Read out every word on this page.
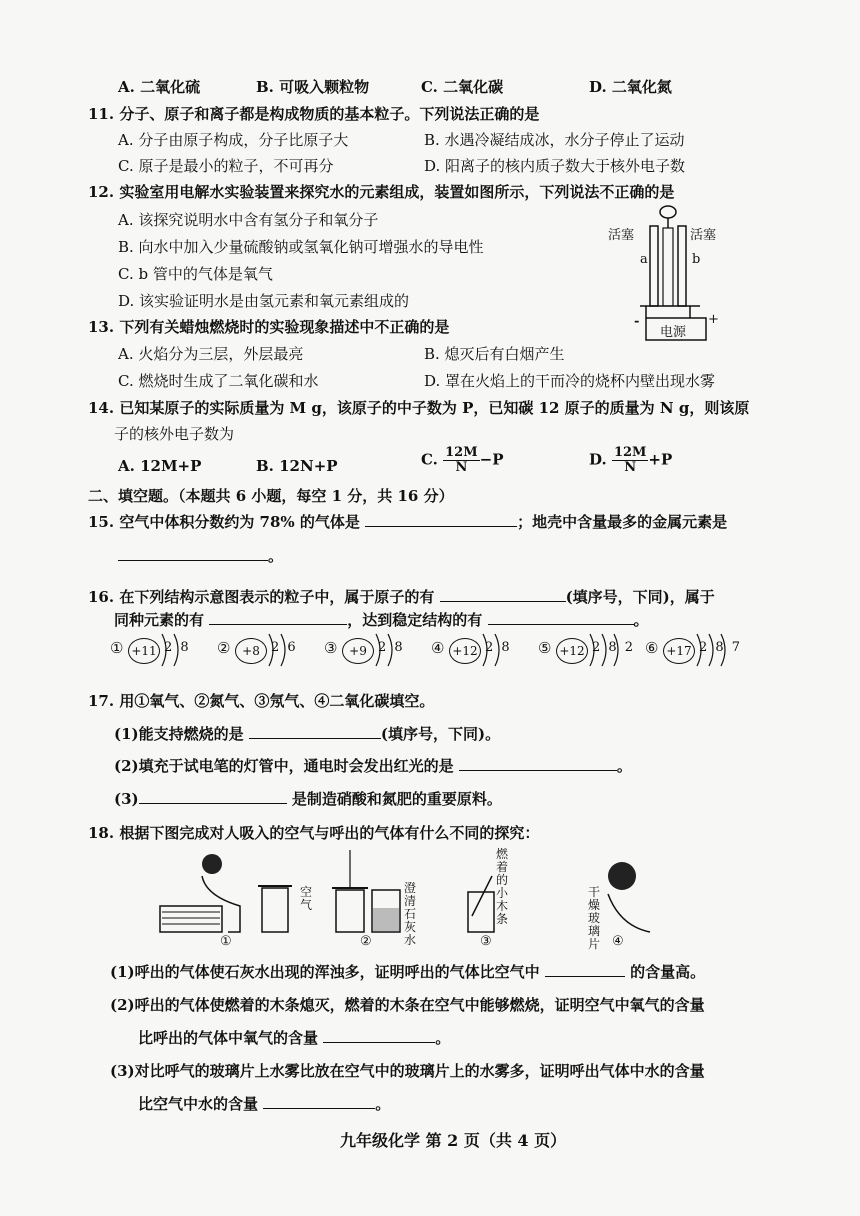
A. 二氧化硫	B. 可吸入颗粒物	C. 二氧化碳	D. 二氧化氮
11. 分子、原子和离子都是构成物质的基本粒子。下列说法正确的是
A. 分子由原子构成，分子比原子大	B. 水遇冷凝结成冰，水分子停止了运动
C. 原子是最小的粒子，不可再分	D. 阳离子的核内质子数大于核外电子数
12. 实验室用电解水实验装置来探究水的元素组成，装置如图所示，下列说法不正确的是
A. 该探究说明水中含有氢分子和氧分子
B. 向水中加入少量硫酸钠或氢氧化钠可增强水的导电性
C. b 管中的气体是氧气
D. 该实验证明水是由氢元素和氧元素组成的
活塞	活塞
a	b
-	+
电源
13. 下列有关蜡烛燃烧时的实验现象描述中不正确的是
A. 火焰分为三层，外层最亮	B. 熄灭后有白烟产生
C. 燃烧时生成了二氧化碳和水	D. 罩在火焰上的干而冷的烧杯内壁出现水雾
14. 已知某原子的实际质量为 M g，该原子的中子数为 P，已知碳 12 原子的质量为 N g，则该原
子的核外电子数为
A. 12M+P	B. 12N+P	C. $\frac{12M}{N} -P$	D. $\frac{12M}{N} +P$
二、填空题。（本题共 6 小题，每空 1 分，共 16 分）
15. 空气中体积分数约为 78% 的气体是	；地壳中含量最多的金属元素是
。
16. 在下列结构示意图表示的粒子中，属于原子的有	(填序号，下同)，属于
同种元素的有	，达到稳定结构的有	。
① +11 2 8 ② +8 2 6 ③ +9 2 8 ④ +12 2 8 ⑤ +12 2 8 2 ⑥ +17 2 8 7
17. 用①氧气、②氮气、③氖气、④二氧化碳填空。
(1)能支持燃烧的是	(填序号，下同)。
(2)填充于试电笔的灯管中，通电时会发出红光的是	。
(3)	是制造硝酸和氮肥的重要原料。
18. 根据下图完成对人吸入的空气与呼出的气体有什么不同的探究：
空气
澄清石灰水
燃着的小木条
干燥玻璃片
①	②	③	④
(1)呼出的气体使石灰水出现的浑浊多，证明呼出的气体比空气中	的含量高。
(2)呼出的气体使燃着的木条熄灭，燃着的木条在空气中能够燃烧，证明空气中氧气的含量
比呼出的气体中氧气的含量	。
(3)对比呼气的玻璃片上水雾比放在空气中的玻璃片上的水雾多，证明呼出气体中水的含量
比空气中水的含量	。
九年级化学 第 2 页（共 4 页）
